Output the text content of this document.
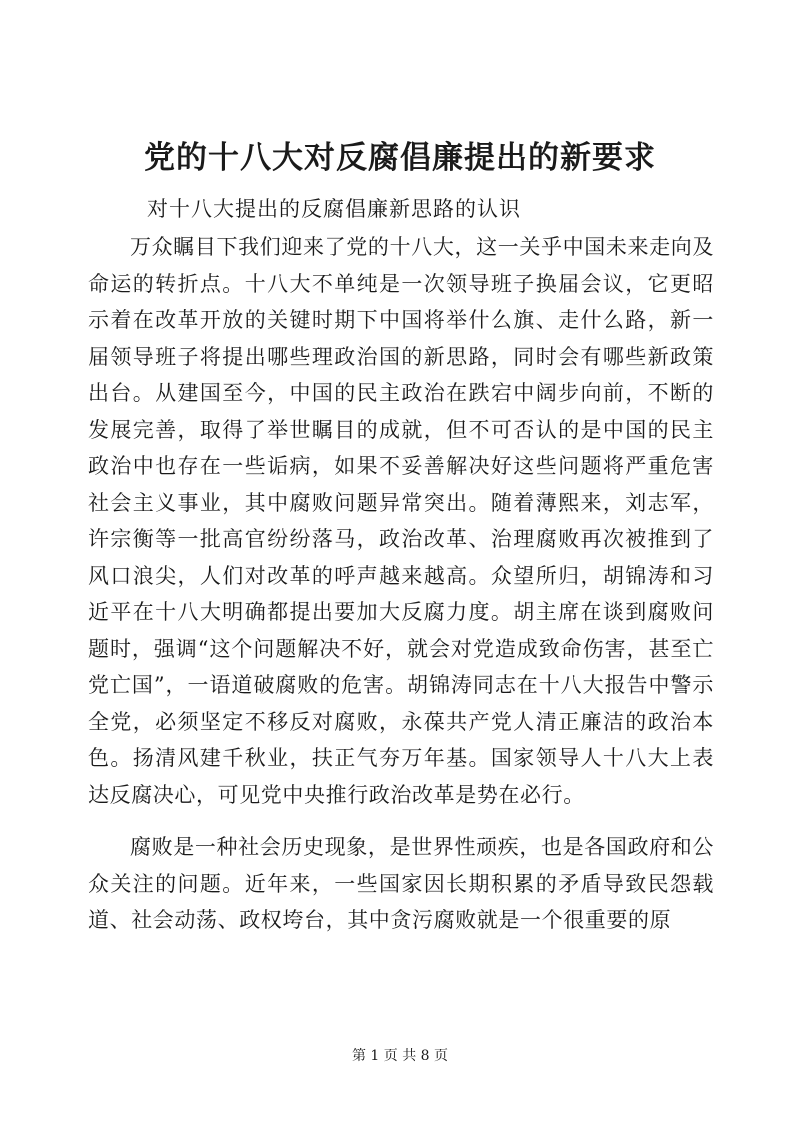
党的十八大对反腐倡廉提出的新要求
对十八大提出的反腐倡廉新思路的认识

万众瞩目下我们迎来了党的十八大，这一关乎中国未来走向及命运的转折点。十八大不单纯是一次领导班子换届会议，它更昭示着在改革开放的关键时期下中国将举什么旗、走什么路，新一届领导班子将提出哪些理政治国的新思路，同时会有哪些新政策出台。从建国至今，中国的民主政治在跌宕中阔步向前，不断的发展完善，取得了举世瞩目的成就，但不可否认的是中国的民主政治中也存在一些诟病，如果不妥善解决好这些问题将严重危害社会主义事业，其中腐败问题异常突出。随着薄熙来，刘志军，许宗衡等一批高官纷纷落马，政治改革、治理腐败再次被推到了风口浪尖，人们对改革的呼声越来越高。众望所归，胡锦涛和习近平在十八大明确都提出要加大反腐力度。胡主席在谈到腐败问题时，强调“这个问题解决不好，就会对党造成致命伤害，甚至亡党亡国”，一语道破腐败的危害。胡锦涛同志在十八大报告中警示全党，必须坚定不移反对腐败，永葆共产党人清正廉洁的政治本色。扬清风建千秋业，扶正气夯万年基。国家领导人十八大上表达反腐决心，可见党中央推行政治改革是势在必行。

腐败是一种社会历史现象，是世界性顽疾，也是各国政府和公众关注的问题。近年来，一些国家因长期积累的矛盾导致民怨载道、社会动荡、政权垮台，其中贪污腐败就是一个很重要的原

第 1 页 共 8 页
